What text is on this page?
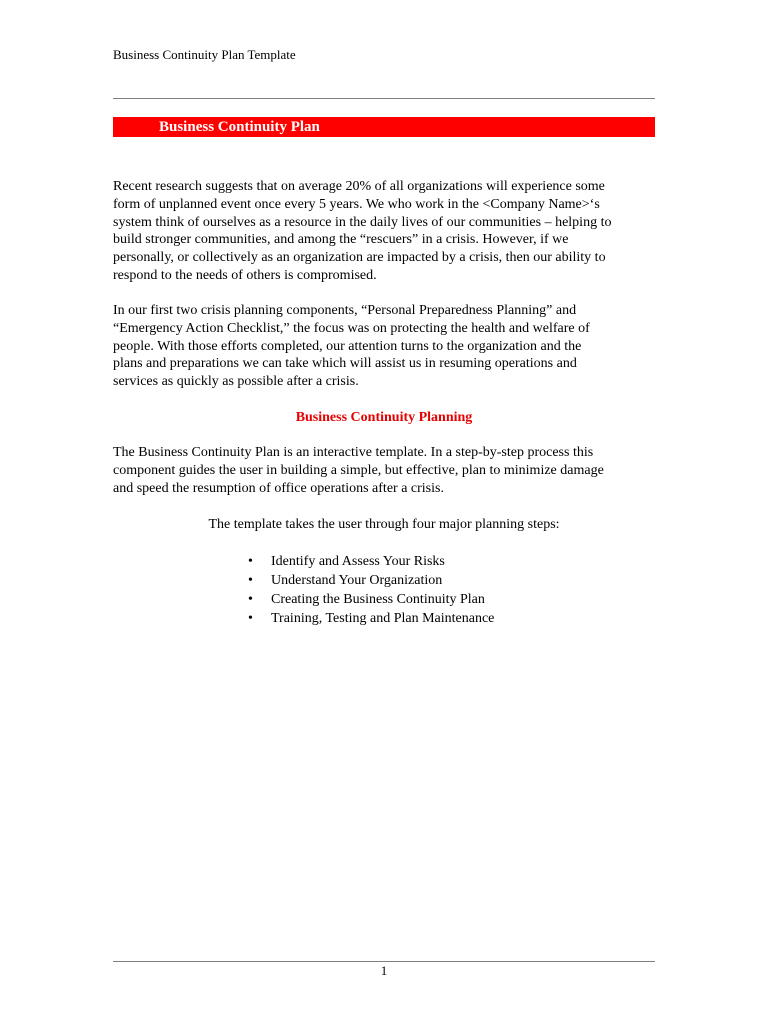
Business Continuity Plan Template
Business Continuity Plan
Recent research suggests that on average 20% of all organizations will experience some
form of unplanned event once every 5 years. We who work in the <Company Name>‘s
system think of ourselves as a resource in the daily lives of our communities – helping to
build stronger communities, and among the “rescuers” in a crisis. However, if we
personally, or collectively as an organization are impacted by a crisis, then our ability to
respond to the needs of others is compromised.
In our first two crisis planning components, “Personal Preparedness Planning” and
“Emergency Action Checklist,” the focus was on protecting the health and welfare of
people. With those efforts completed, our attention turns to the organization and the
plans and preparations we can take which will assist us in resuming operations and
services as quickly as possible after a crisis.
Business Continuity Planning
The Business Continuity Plan is an interactive template. In a step-by-step process this
component guides the user in building a simple, but effective, plan to minimize damage
and speed the resumption of office operations after a crisis.
The template takes the user through four major planning steps:
• Identify and Assess Your Risks
• Understand Your Organization
• Creating the Business Continuity Plan
• Training, Testing and Plan Maintenance
1
